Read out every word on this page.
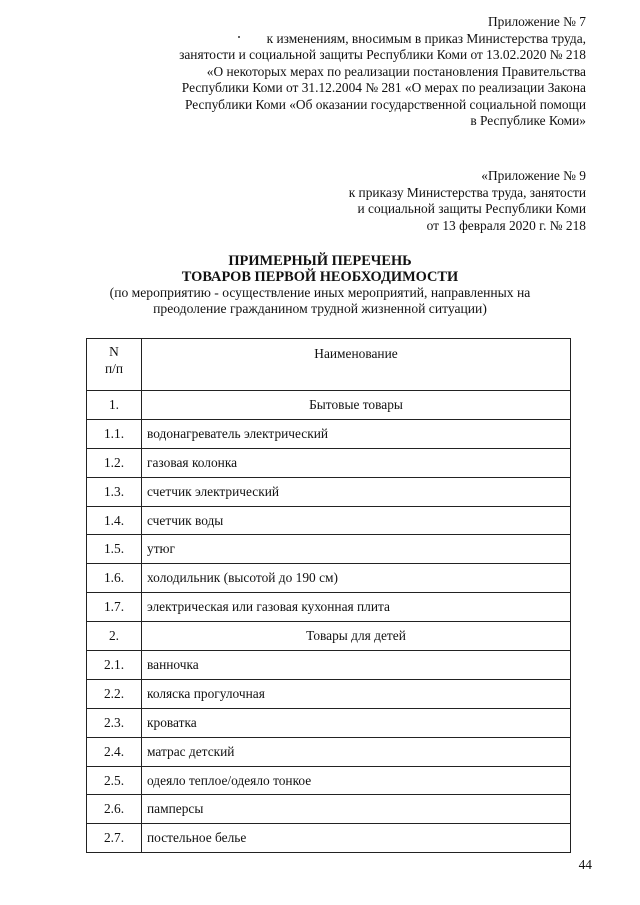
Приложение № 7
к изменениям, вносимым в приказ Министерства труда,
занятости и социальной защиты Республики Коми от 13.02.2020 № 218
«О некоторых мерах по реализации постановления Правительства
Республики Коми от 31.12.2004 № 281 «О мерах по реализации Закона
Республики Коми «Об оказании государственной социальной помощи
в Республике Коми»
«Приложение № 9
к приказу Министерства труда, занятости
и социальной защиты Республики Коми
от 13 февраля 2020 г. № 218
ПРИМЕРНЫЙ ПЕРЕЧЕНЬ
ТОВАРОВ ПЕРВОЙ НЕОБХОДИМОСТИ
(по мероприятию - осуществление иных мероприятий, направленных на
преодоление гражданином трудной жизненной ситуации)
N
п/п	Наименование
1.	Бытовые товары
1.1.	водонагреватель электрический
1.2.	газовая колонка
1.3.	счетчик электрический
1.4.	счетчик воды
1.5.	утюг
1.6.	холодильник (высотой до 190 см)
1.7.	электрическая или газовая кухонная плита
2.	Товары для детей
2.1.	ванночка
2.2.	коляска прогулочная
2.3.	кроватка
2.4.	матрас детский
2.5.	одеяло теплое/одеяло тонкое
2.6.	памперсы
2.7.	постельное белье
44
